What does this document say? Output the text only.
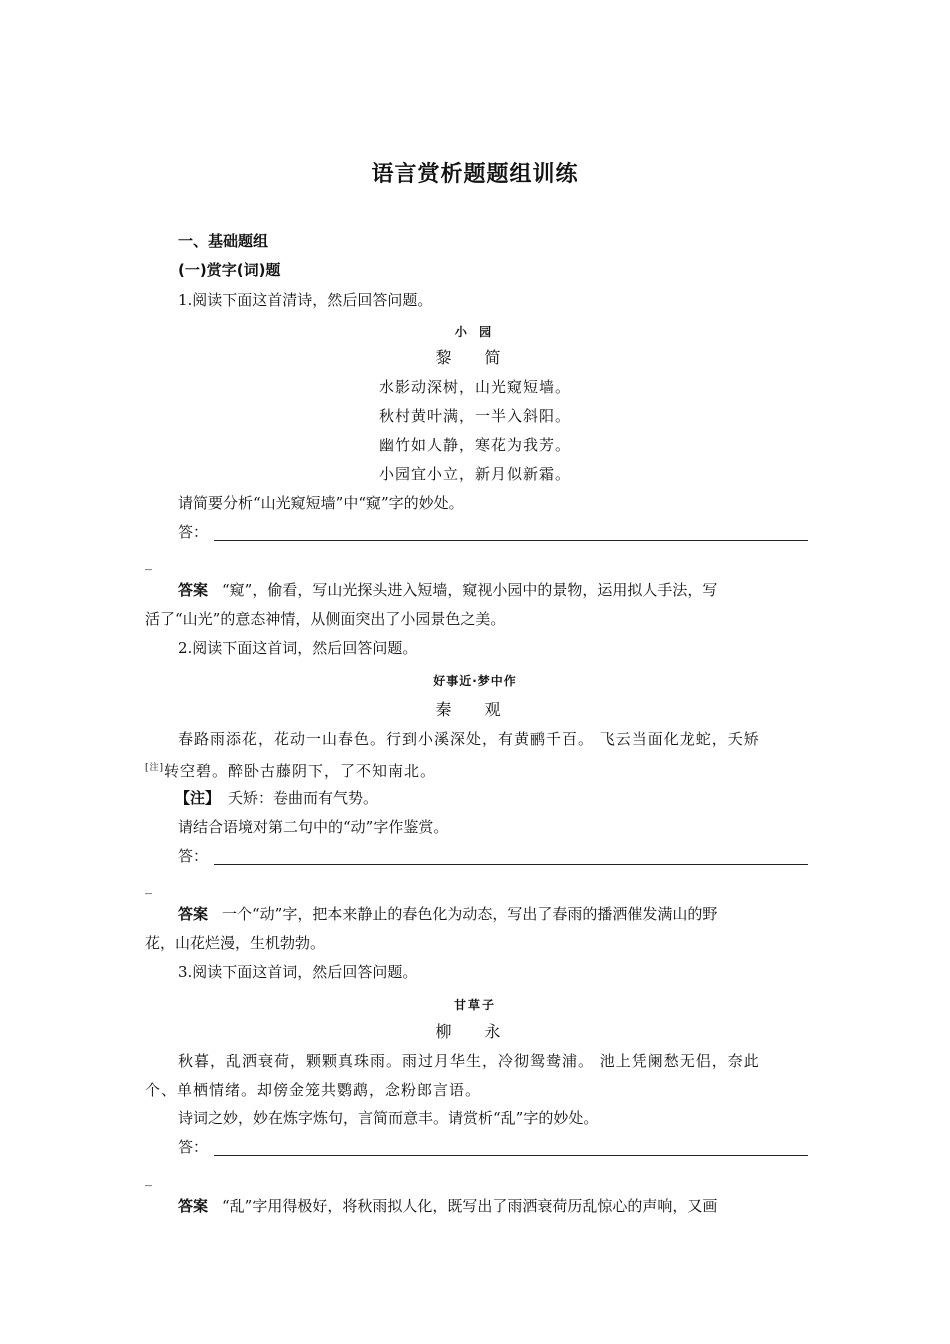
语言赏析题题组训练
一、基础题组
(一)赏字(词)题
1.阅读下面这首清诗，然后回答问题。
小 园
黎 简
水影动深树，山光窥短墙。
秋村黄叶满，一半入斜阳。
幽竹如人静，寒花为我芳。
小园宜小立，新月似新霜。
请简要分析“山光窥短墙”中“窥”字的妙处。
答：
_
答案 “窥”，偷看，写山光探头进入短墙，窥视小园中的景物，运用拟人手法，写
活了“山光”的意态神情，从侧面突出了小园景色之美。
2.阅读下面这首词，然后回答问题。
好事近·梦中作
秦 观
春路雨添花，花动一山春色。行到小溪深处，有黄鹂千百。 飞云当面化龙蛇，夭矫
[注]转空碧。醉卧古藤阴下，了不知南北。
【注】 夭矫：卷曲而有气势。
请结合语境对第二句中的“动”字作鉴赏。
答：
_
答案 一个“动”字，把本来静止的春色化为动态，写出了春雨的播洒催发满山的野
花，山花烂漫，生机勃勃。
3.阅读下面这首词，然后回答问题。
甘草子
柳 永
秋暮，乱洒衰荷，颗颗真珠雨。雨过月华生，冷彻鸳鸯浦。 池上凭阑愁无侣，奈此
个、单栖情绪。却傍金笼共鹦鹉，念粉郎言语。
诗词之妙，妙在炼字炼句，言简而意丰。请赏析“乱”字的妙处。
答：
_
答案 “乱”字用得极好，将秋雨拟人化，既写出了雨洒衰荷历乱惊心的声响，又画
